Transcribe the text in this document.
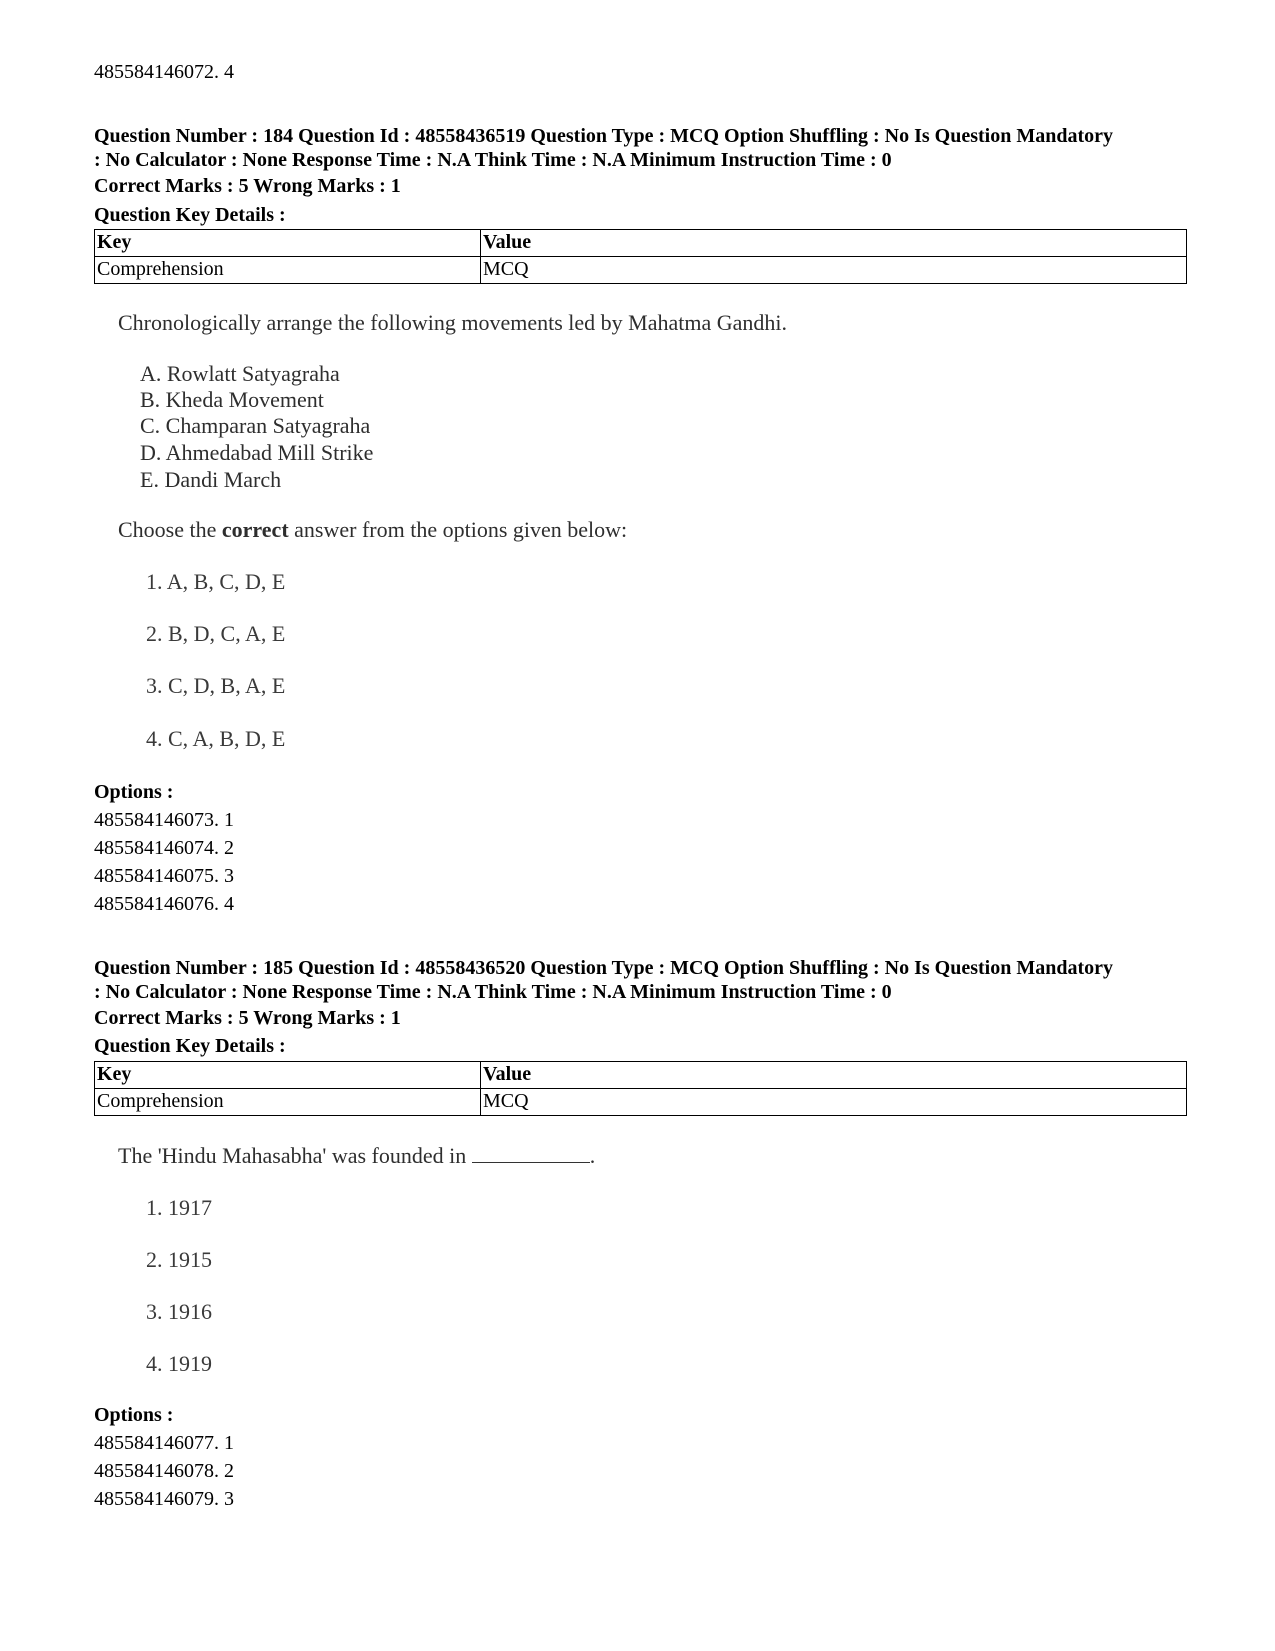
485584146072. 4
Question Number : 184 Question Id : 48558436519 Question Type : MCQ Option Shuffling : No Is Question Mandatory
: No Calculator : None Response Time : N.A Think Time : N.A Minimum Instruction Time : 0
Correct Marks : 5 Wrong Marks : 1
Question Key Details :
Key	Value
Comprehension	MCQ
Chronologically arrange the following movements led by Mahatma Gandhi.
A. Rowlatt Satyagraha
B. Kheda Movement
C. Champaran Satyagraha
D. Ahmedabad Mill Strike
E. Dandi March
Choose the correct answer from the options given below:
1. A, B, C, D, E
2. B, D, C, A, E
3. C, D, B, A, E
4. C, A, B, D, E
Options :
485584146073. 1
485584146074. 2
485584146075. 3
485584146076. 4
Question Number : 185 Question Id : 48558436520 Question Type : MCQ Option Shuffling : No Is Question Mandatory
: No Calculator : None Response Time : N.A Think Time : N.A Minimum Instruction Time : 0
Correct Marks : 5 Wrong Marks : 1
Question Key Details :
Key	Value
Comprehension	MCQ
The 'Hindu Mahasabha' was founded in	.
1. 1917
2. 1915
3. 1916
4. 1919
Options :
485584146077. 1
485584146078. 2
485584146079. 3
